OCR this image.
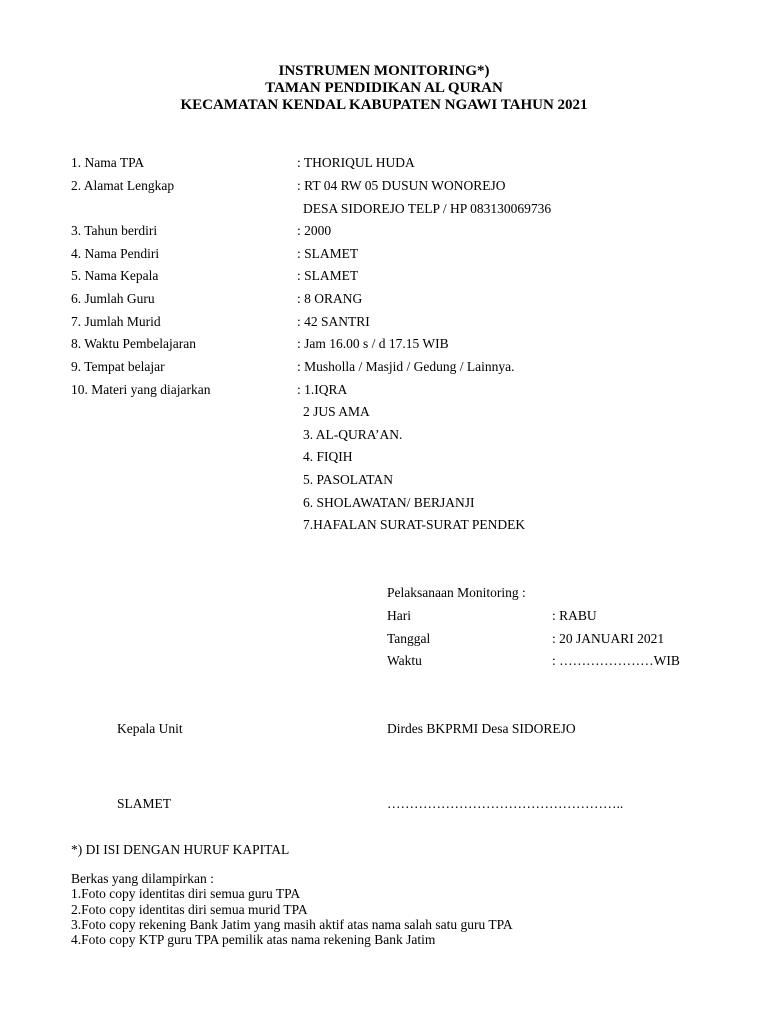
INSTRUMEN MONITORING*)
TAMAN PENDIDIKAN AL QURAN
KECAMATAN KENDAL KABUPATEN NGAWI TAHUN 2021
1. Nama TPA	: THORIQUL HUDA
2. Alamat Lengkap	: RT 04 RW 05 DUSUN WONOREJO
DESA SIDOREJO TELP / HP 083130069736
3. Tahun berdiri	: 2000
4. Nama Pendiri	: SLAMET
5. Nama Kepala	: SLAMET
6. Jumlah Guru	: 8 ORANG
7. Jumlah Murid	: 42 SANTRI
8. Waktu Pembelajaran	: Jam 16.00 s / d 17.15 WIB
9. Tempat belajar	: Musholla / Masjid / Gedung / Lainnya.
10. Materi yang diajarkan	: 1.IQRA
2 JUS AMA
3. AL-QURA’AN.
4. FIQIH
5. PASOLATAN
6. SHOLAWATAN/ BERJANJI
7.HAFALAN SURAT-SURAT PENDEK
Pelaksanaan Monitoring :
Hari	: RABU
Tanggal	: 20 JANUARI 2021
Waktu	: …………………WIB
Kepala Unit	Dirdes BKPRMI Desa SIDOREJO
SLAMET	……………………………………………..
*) DI ISI DENGAN HURUF KAPITAL
Berkas yang dilampirkan :
1.Foto copy identitas diri semua guru TPA
2.Foto copy identitas diri semua murid TPA
3.Foto copy rekening Bank Jatim yang masih aktif atas nama salah satu guru TPA
4.Foto copy KTP guru TPA pemilik atas nama rekening Bank Jatim
